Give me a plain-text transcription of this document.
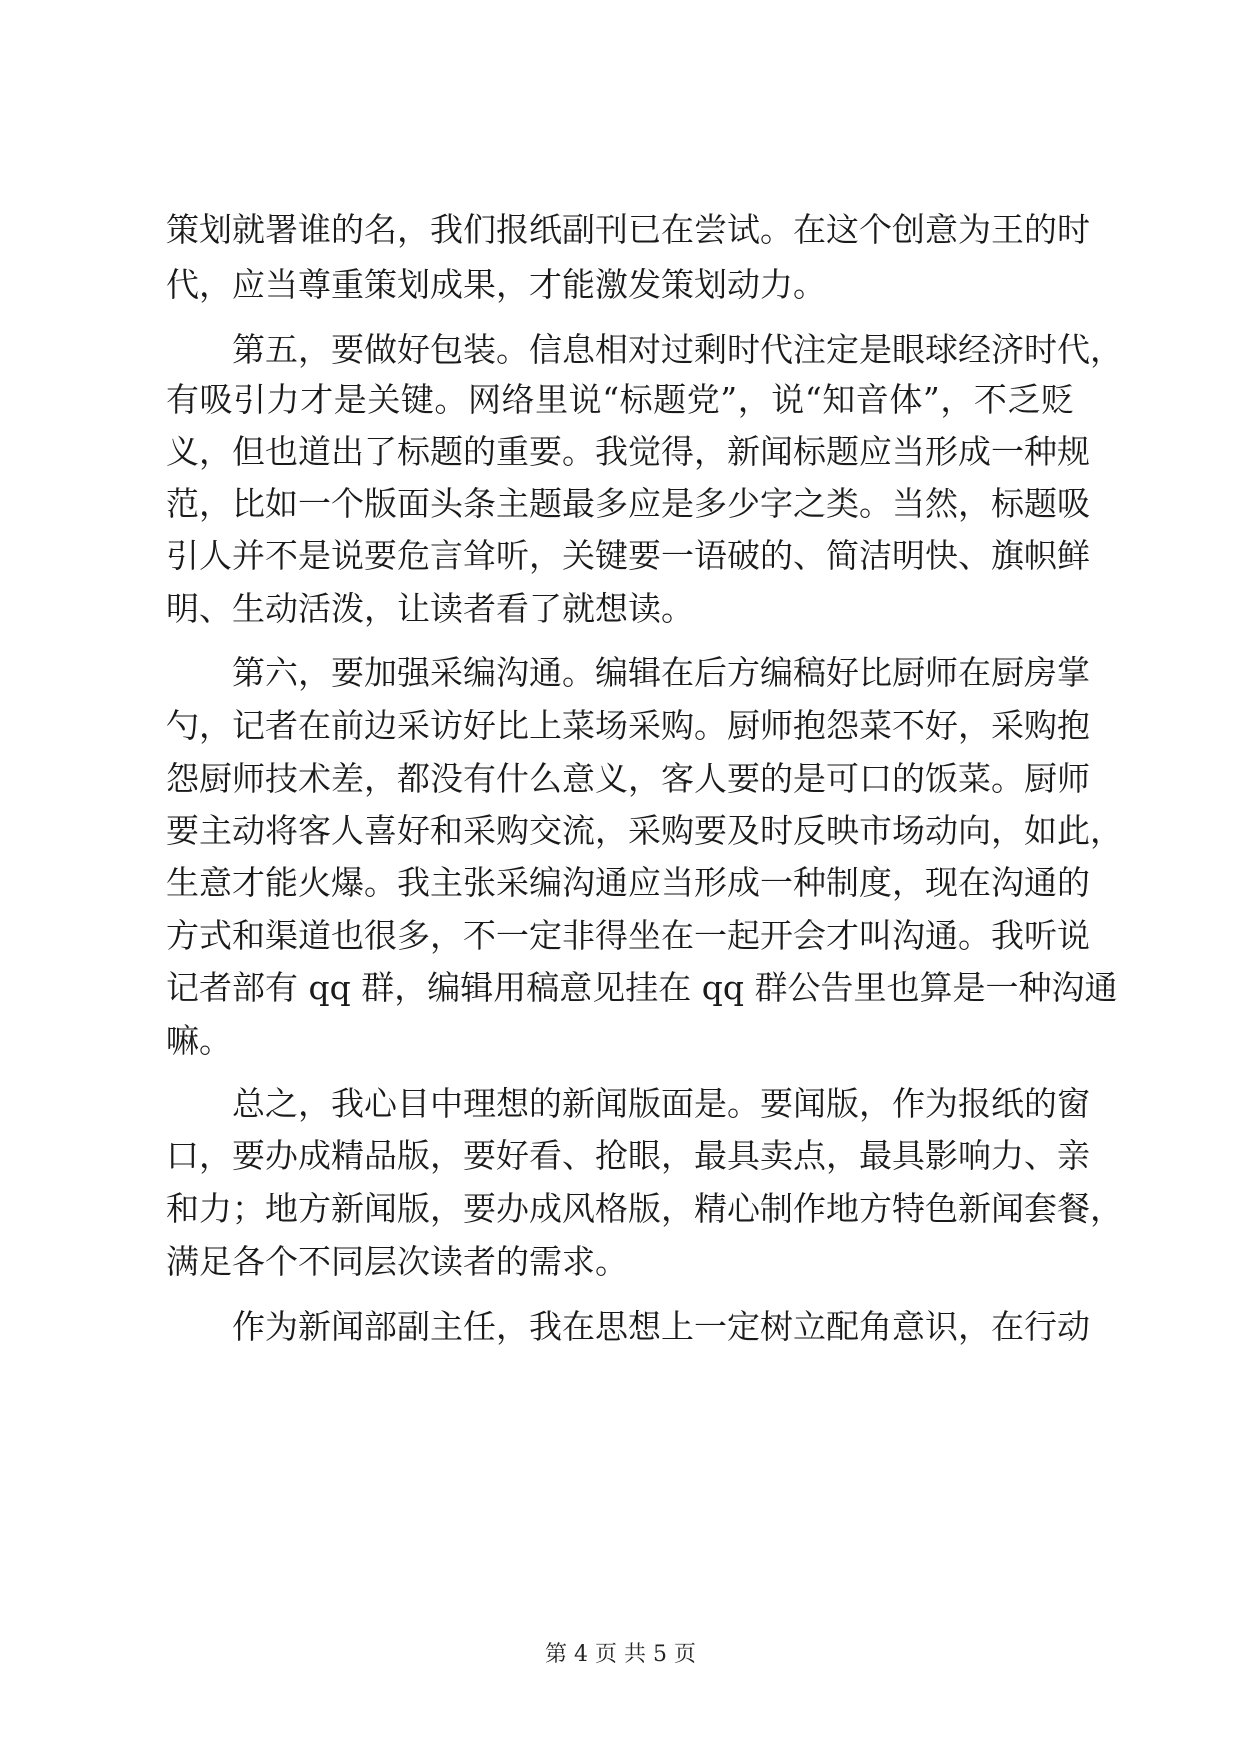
策划就署谁的名，我们报纸副刊已在尝试。在这个创意为王的时
代，应当尊重策划成果，才能激发策划动力。
第五，要做好包装。信息相对过剩时代注定是眼球经济时代，
有吸引力才是关键。网络里说“标题党”，说“知音体”，不乏贬
义，但也道出了标题的重要。我觉得，新闻标题应当形成一种规
范，比如一个版面头条主题最多应是多少字之类。当然，标题吸
引人并不是说要危言耸听，关键要一语破的、简洁明快、旗帜鲜
明、生动活泼，让读者看了就想读。
第六，要加强采编沟通。编辑在后方编稿好比厨师在厨房掌
勺，记者在前边采访好比上菜场采购。厨师抱怨菜不好，采购抱
怨厨师技术差，都没有什么意义，客人要的是可口的饭菜。厨师
要主动将客人喜好和采购交流，采购要及时反映市场动向，如此，
生意才能火爆。我主张采编沟通应当形成一种制度，现在沟通的
方式和渠道也很多，不一定非得坐在一起开会才叫沟通。我听说
记者部有 qq 群，编辑用稿意见挂在 qq 群公告里也算是一种沟通
嘛。
总之，我心目中理想的新闻版面是。要闻版，作为报纸的窗
口，要办成精品版，要好看、抢眼，最具卖点，最具影响力、亲
和力；地方新闻版，要办成风格版，精心制作地方特色新闻套餐，
满足各个不同层次读者的需求。
作为新闻部副主任，我在思想上一定树立配角意识，在行动
第 4 页 共 5 页
